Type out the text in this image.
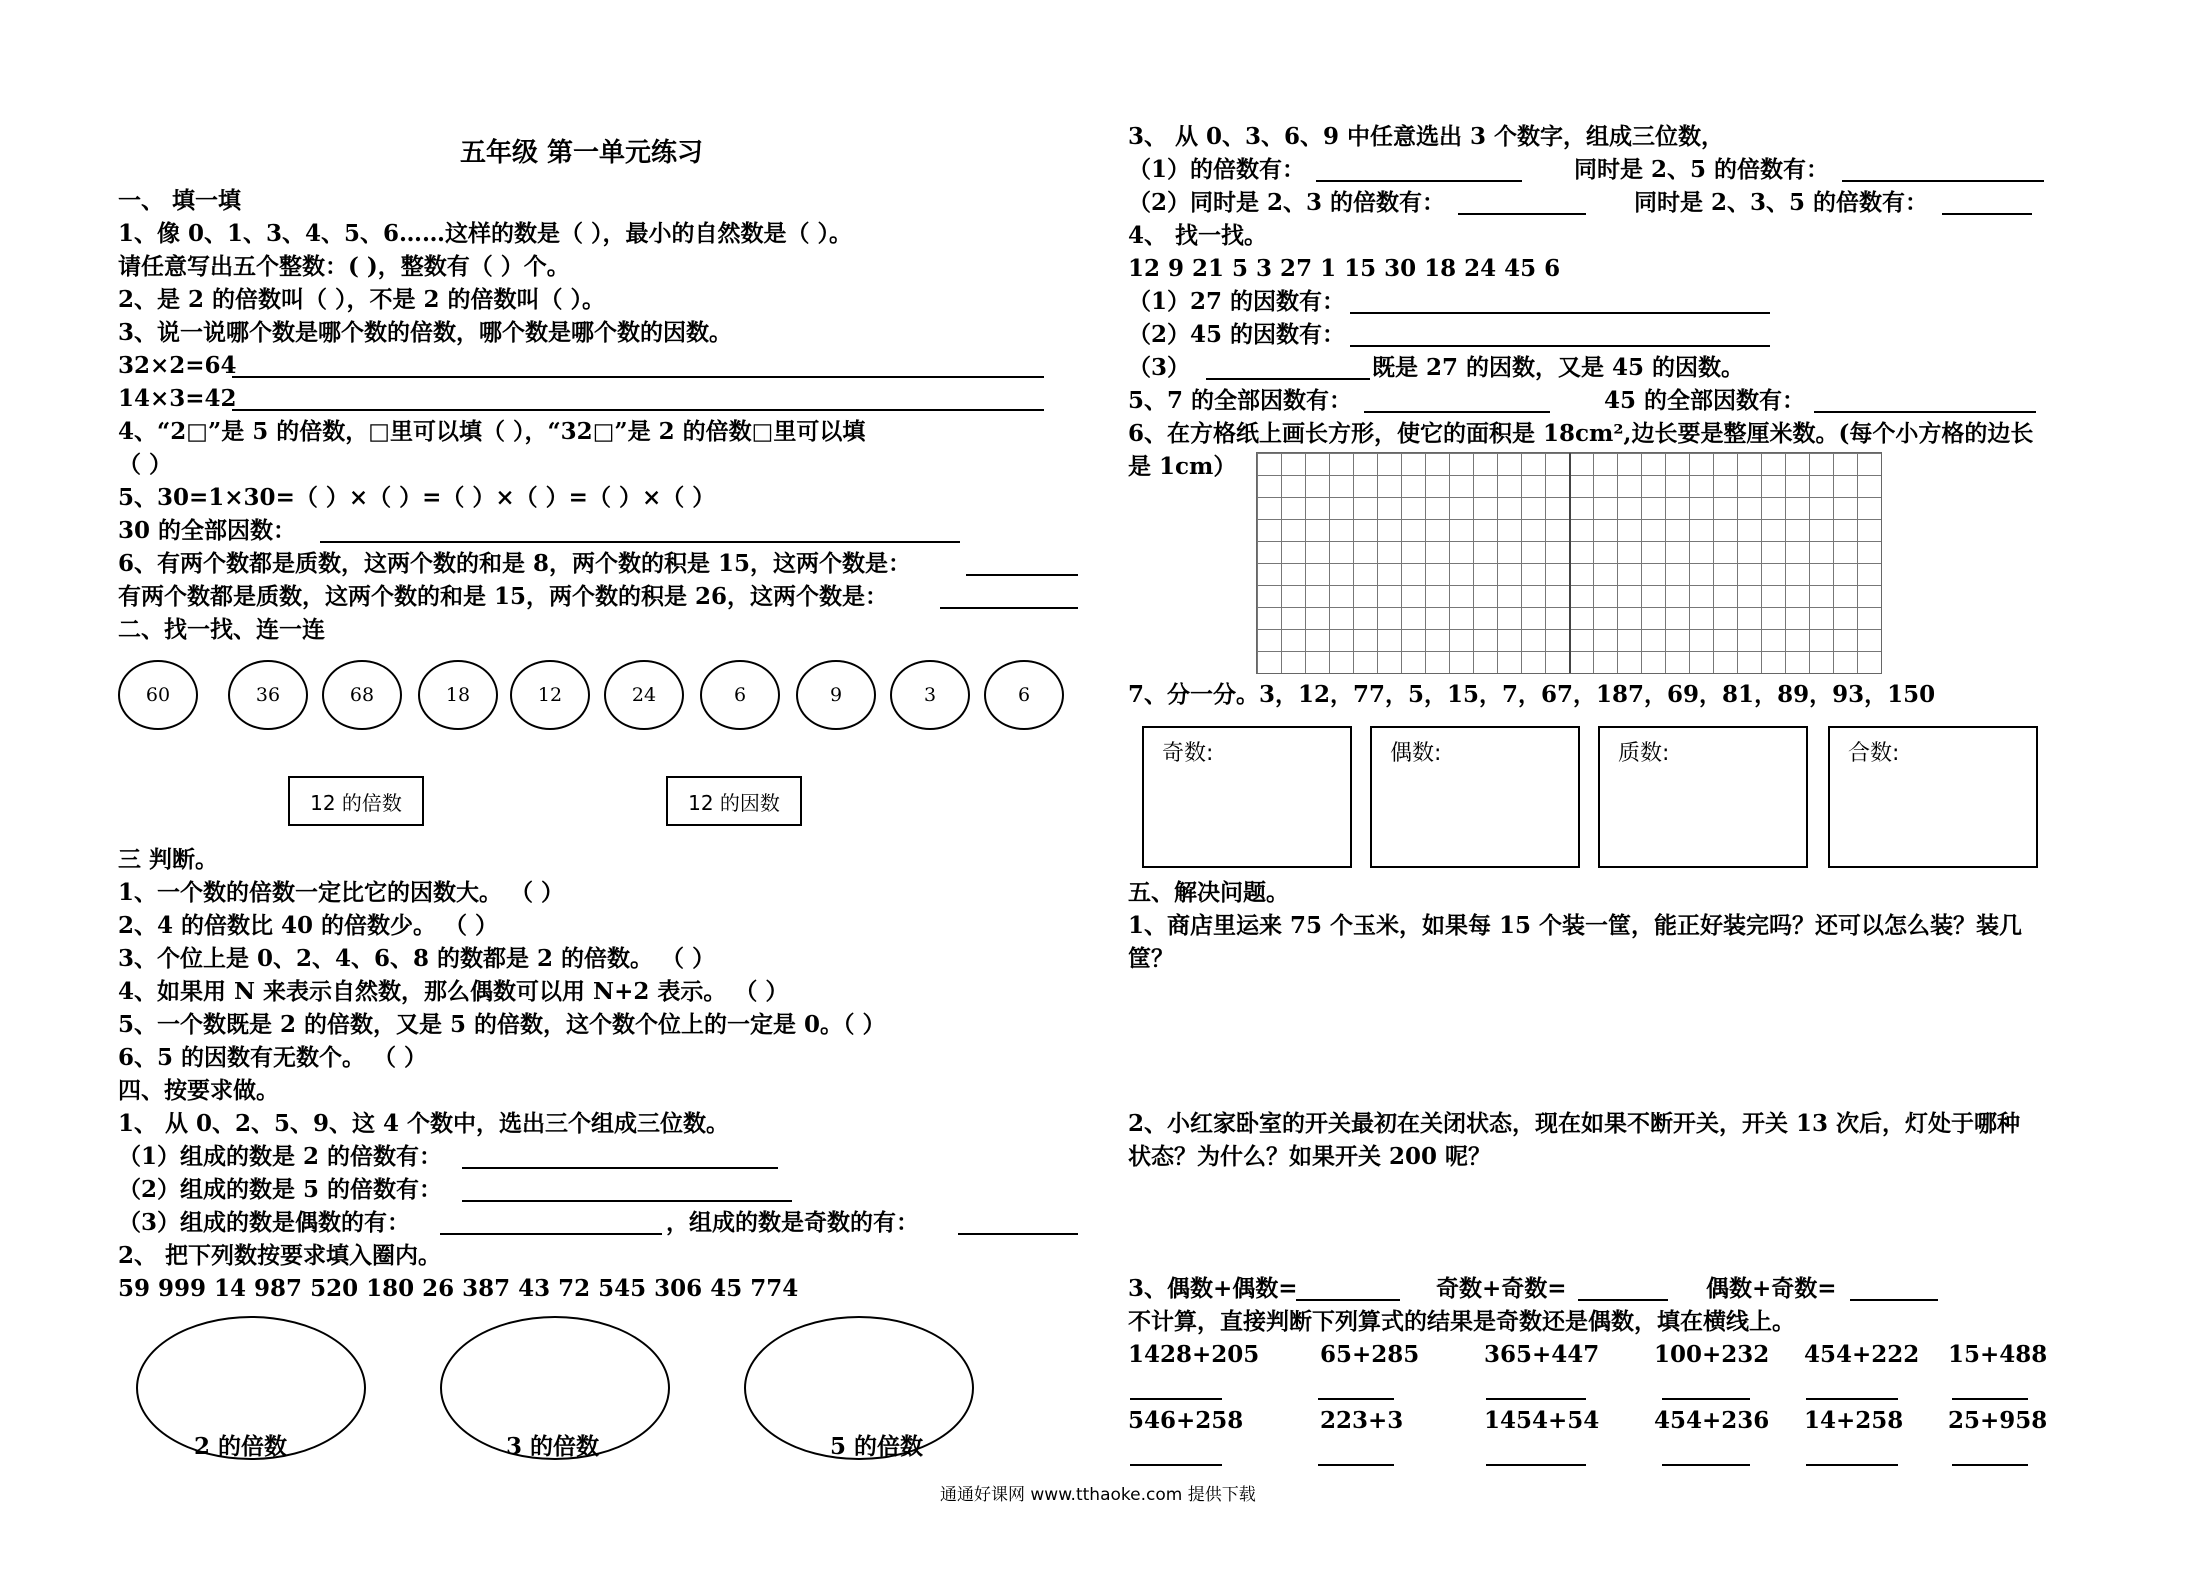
五年级 第一单元练习
一、 填一填
1、像 0、1、3、4、5、6……这样的数是（ ），最小的自然数是（ ）。
请任意写出五个整数：( )，整数有（ ）个。
2、是 2 的倍数叫（ ），不是 2 的倍数叫（ ）。
3、说一说哪个数是哪个数的倍数，哪个数是哪个数的因数。
32×2=64
14×3=42
4、“2□”是 5 的倍数，□里可以填（ ），“32□”是 2 的倍数□里可以填
（ ）
5、30=1×30=（ ）×（ ）=（ ）×（ ）=（ ）×（ ）
30 的全部因数：
6、有两个数都是质数，这两个数的和是 8，两个数的积是 15，这两个数是：
有两个数都是质数，这两个数的和是 15，两个数的积是 26，这两个数是：
二、找一找、连一连
60	36	68	18	12	24	6	9	3	6
12 的倍数	12 的因数
三 判断。
1、一个数的倍数一定比它的因数大。 （ ）
2、4 的倍数比 40 的倍数少。 （ ）
3、个位上是 0、2、4、6、8 的数都是 2 的倍数。 （ ）
4、如果用 N 来表示自然数，那么偶数可以用 N+2 表示。 （ ）
5、一个数既是 2 的倍数，又是 5 的倍数，这个数个位上的一定是 0。（ ）
6、5 的因数有无数个。 （ ）
四、按要求做。
1、 从 0、2、5、9、这 4 个数中，选出三个组成三位数。
（1）组成的数是 2 的倍数有：
（2）组成的数是 5 的倍数有：
（3）组成的数是偶数的有：	，组成的数是奇数的有：
2、 把下列数按要求填入圈内。
59 999 14 987 520 180 26 387 43 72 545 306 45 774
2 的倍数	3 的倍数	5 的倍数
3、 从 0、3、6、9 中任意选出 3 个数字，组成三位数，
（1）的倍数有：	同时是 2、5 的倍数有：
（2）同时是 2、3 的倍数有：	同时是 2、3、5 的倍数有：
4、 找一找。
12 9 21 5 3 27 1 15 30 18 24 45 6
（1）27 的因数有：
（2）45 的因数有：
（3）	既是 27 的因数，又是 45 的因数。
5、7 的全部因数有：	45 的全部因数有：
6、在方格纸上画长方形，使它的面积是 18cm²,边长要是整厘米数。(每个小方格的边长
是 1cm）
7、分一分。3，12，77，5，15，7，67，187，69，81，89，93，150
奇数:	偶数:	质数:	合数:
五、解决问题。
1、商店里运来 75 个玉米，如果每 15 个装一筐，能正好装完吗？还可以怎么装？装几
筐？
2、小红家卧室的开关最初在关闭状态，现在如果不断开关，开关 13 次后，灯处于哪种
状态？为什么？如果开关 200 呢？
3、偶数+偶数=	奇数+奇数=	偶数+奇数=
不计算，直接判断下列算式的结果是奇数还是偶数，填在横线上。
1428+205	65+285	365+447 100+232 454+222 15+488
546+258	223+3	1454+54 454+236 14+258 25+958
通通好课网 www.tthaoke.com 提供下载
